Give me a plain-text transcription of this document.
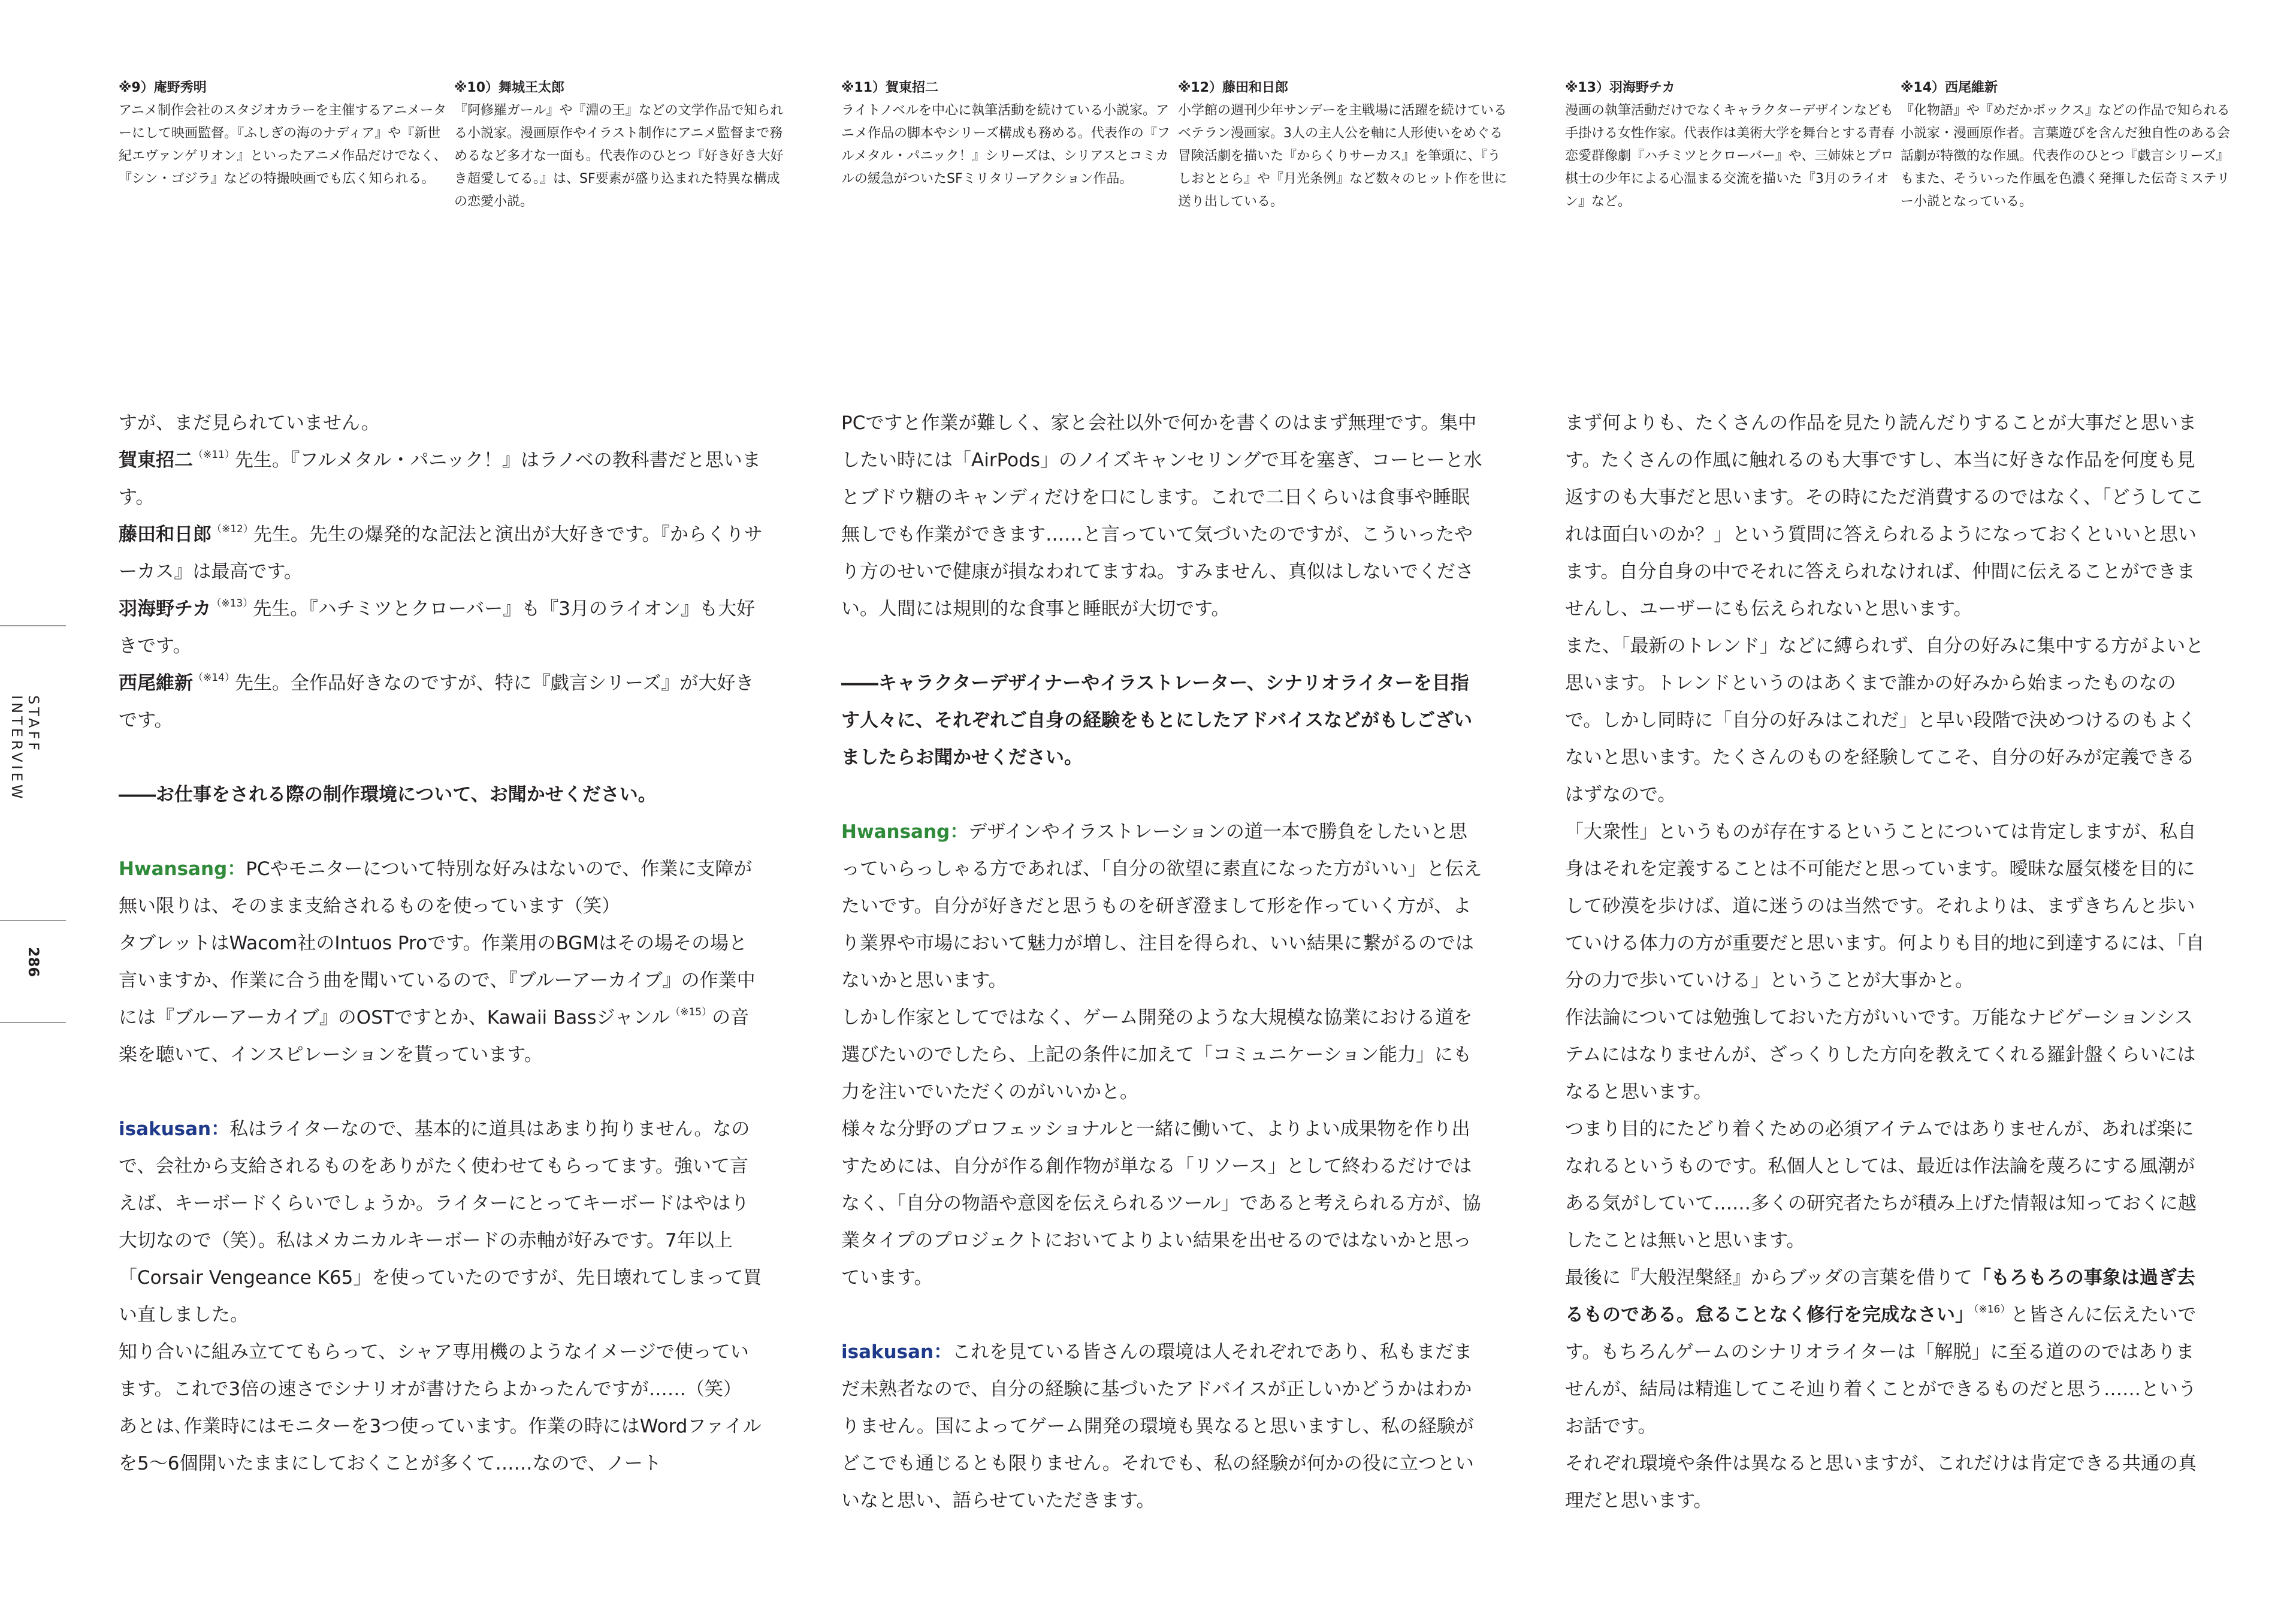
※9）庵野秀明
アニメ制作会社のスタジオカラーを主催するアニメーターにして映画監督。『ふしぎの海のナディア』や『新世紀エヴァンゲリオン』といったアニメ作品だけでなく、『シン・ゴジラ』などの特撮映画でも広く知られる。
※10）舞城王太郎
『阿修羅ガール』や『淵の王』などの文学作品で知られる小説家。漫画原作やイラスト制作にアニメ監督まで務めるなど多才な一面も。代表作のひとつ『好き好き大好き超愛してる。』は、SF要素が盛り込まれた特異な構成の恋愛小説。
※11）賀東招二
ライトノベルを中心に執筆活動を続けている小説家。アニメ作品の脚本やシリーズ構成も務める。代表作の『フルメタル・パニック！』シリーズは、シリアスとコミカルの緩急がついたSFミリタリーアクション作品。
※12）藤田和日郎
小学館の週刊少年サンデーを主戦場に活躍を続けているベテラン漫画家。3人の主人公を軸に人形使いをめぐる冒険活劇を描いた『からくりサーカス』を筆頭に、『うしおととら』や『月光条例』など数々のヒット作を世に送り出している。
※13）羽海野チカ
漫画の執筆活動だけでなくキャラクターデザインなども手掛ける女性作家。代表作は美術大学を舞台とする青春恋愛群像劇『ハチミツとクローバー』や、三姉妹とプロ棋士の少年による心温まる交流を描いた『3月のライオン』など。
※14）西尾維新
『化物語』や『めだかボックス』などの作品で知られる小説家・漫画原作者。言葉遊びを含んだ独自性のある会話劇が特徴的な作風。代表作のひとつ『戯言シリーズ』もまた、そういった作風を色濃く発揮した伝奇ミステリー小説となっている。
STAFF INTERVIEW
286

すが、まだ見られていません。

賀東招二$^{(※11)}$先生。『フルメタル・パニック！』はラノベの教科書だと思います。

藤田和日郎$^{(※12)}$先生。先生の爆発的な記法と演出が大好きです。『からくりサーカス』は最高です。

羽海野チカ$^{(※13)}$先生。『ハチミツとクローバー』も『3月のライオン』も大好きです。

西尾維新$^{(※14)}$先生。全作品好きなのですが、特に『戯言シリーズ』が大好きです。

――お仕事をされる際の制作環境について、お聞かせください。

Hwansang：PCやモニターについて特別な好みはないので、作業に支障が無い限りは、そのまま支給されるものを使っています（笑）

タブレットはWacom社のIntuos Proです。作業用のBGMはその場その場と言いますか、作業に合う曲を聞いているので、『ブルーアーカイブ』の作業中には『ブルーアーカイブ』のOSTですとか、Kawaii Bassジャンル$^{(※15)}$の音楽を聴いて、インスピレーションを貰っています。

isakusan：私はライターなので、基本的に道具はあまり拘りません。なので、会社から支給されるものをありがたく使わせてもらってます。強いて言えば、キーボードくらいでしょうか。ライターにとってキーボードはやはり大切なので（笑）。私はメカニカルキーボードの赤軸が好みです。7年以上「Corsair Vengeance K65」を使っていたのですが、先日壊れてしまって買い直しました。

知り合いに組み立ててもらって、シャア専用機のようなイメージで使っています。これで3倍の速さでシナリオが書けたらよかったんですが……（笑）

あとは､作業時にはモニターを3つ使っています。作業の時にはWordファイルを5～6個開いたままにしておくことが多くて……なので、ノート

PCですと作業が難しく、家と会社以外で何かを書くのはまず無理です。集中したい時には「AirPods」のノイズキャンセリングで耳を塞ぎ、コーヒーと水とブドウ糖のキャンディだけを口にします。これで二日くらいは食事や睡眠無しでも作業ができます……と言っていて気づいたのですが、こういったやり方のせいで健康が損なわれてますね。すみません、真似はしないでください。人間には規則的な食事と睡眠が大切です。

――キャラクターデザイナーやイラストレーター、シナリオライターを目指す人々に、それぞれご自身の経験をもとにしたアドバイスなどがもしございましたらお聞かせください。

Hwansang：デザインやイラストレーションの道一本で勝負をしたいと思っていらっしゃる方であれば、「自分の欲望に素直になった方がいい」と伝えたいです。自分が好きだと思うものを研ぎ澄まして形を作っていく方が、より業界や市場において魅力が増し、注目を得られ、いい結果に繋がるのではないかと思います。

しかし作家としてではなく、ゲーム開発のような大規模な協業における道を選びたいのでしたら、上記の条件に加えて「コミュニケーション能力」にも力を注いでいただくのがいいかと。

様々な分野のプロフェッショナルと一緒に働いて、よりよい成果物を作り出すためには、自分が作る創作物が単なる「リソース」として終わるだけではなく、「自分の物語や意図を伝えられるツール」であると考えられる方が、協業タイプのプロジェクトにおいてよりよい結果を出せるのではないかと思っています。

isakusan：これを見ている皆さんの環境は人それぞれであり、私もまだまだ未熟者なので、自分の経験に基づいたアドバイスが正しいかどうかはわかりません。国によってゲーム開発の環境も異なると思いますし、私の経験がどこでも通じるとも限りません。それでも、私の経験が何かの役に立つといいなと思い、語らせていただきます。

まず何よりも、たくさんの作品を見たり読んだりすることが大事だと思います。たくさんの作風に触れるのも大事ですし、本当に好きな作品を何度も見返すのも大事だと思います。その時にただ消費するのではなく、「どうしてこれは面白いのか？」という質問に答えられるようになっておくといいと思います。自分自身の中でそれに答えられなければ、仲間に伝えることができませんし、ユーザーにも伝えられないと思います。

また、「最新のトレンド」などに縛られず、自分の好みに集中する方がよいと思います。トレンドというのはあくまで誰かの好みから始まったものなので。しかし同時に「自分の好みはこれだ」と早い段階で決めつけるのもよくないと思います。たくさんのものを経験してこそ、自分の好みが定義できるはずなので。

「大衆性」というものが存在するということについては肯定しますが、私自身はそれを定義することは不可能だと思っています。曖昧な蜃気楼を目的にして砂漠を歩けば、道に迷うのは当然です。それよりは、まずきちんと歩いていける体力の方が重要だと思います。何よりも目的地に到達するには、「自分の力で歩いていける」ということが大事かと。

作法論については勉強しておいた方がいいです。万能なナビゲーションシステムにはなりませんが、ざっくりした方向を教えてくれる羅針盤くらいにはなると思います。

つまり目的にたどり着くための必須アイテムではありませんが、あれば楽になれるというものです。私個人としては、最近は作法論を蔑ろにする風潮がある気がしていて……多くの研究者たちが積み上げた情報は知っておくに越したことは無いと思います。

最後に『大般涅槃経』からブッダの言葉を借りて「もろもろの事象は過ぎ去るものである。怠ることなく修行を完成なさい」$^{(※16)}$と皆さんに伝えたいです。もちろんゲームのシナリオライターは「解脱」に至る道ののではありませんが、結局は精進してこそ辿り着くことができるものだと思う……というお話です。

それぞれ環境や条件は異なると思いますが、これだけは肯定できる共通の真理だと思います。
